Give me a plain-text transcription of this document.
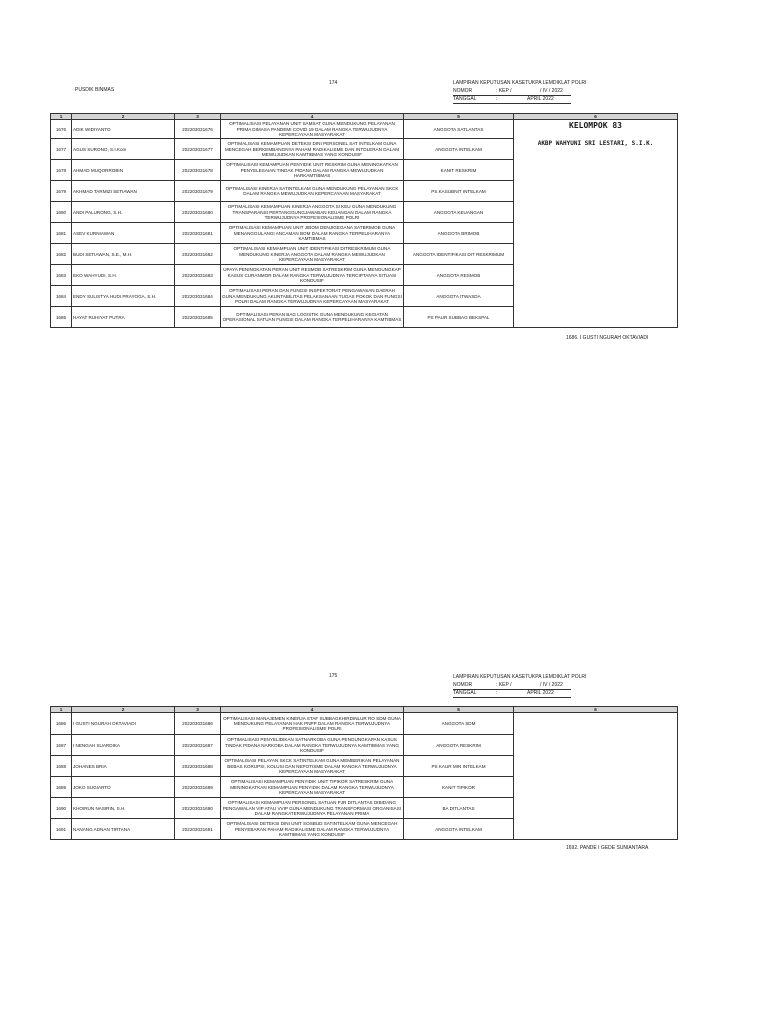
174
PUSDIK BINMAS
LAMPIRAN KEPUTUSAN KASETUKPA LEMDIKLAT POLRI
NOMOR	: KEP /	/ IV / 2022
TANGGAL	:	APRIL 2022
1	2	3	4	5	6
1676	ADIK WIDIYANTO	202203031676	OPTIMALISASI PELAYANAN UNIT SAMSAT GUNA MENDUKUNG PELAYANAN PRIMA DIMASA PANDEMI COVID 19 DALAM RANGKA TERWUJUDNYA KEPERCAYAAN MASYARAKAT	ANGGOTA SATLANTAS	KELOMPOK 83
AKBP WAHYUNI SRI LESTARI, S.I.K.

1677	AGUS SURONO, S.I.Kom	202203031677	OPTIMALISASI KEMAMPUAN DETEKSI DINI PERSONEL SAT INTELKAM GUNA MENCEGAH BERKEMBANGNYA PAHAM RADIKALISME DAN INTOLERAN DALAM MEWUJUDKAN KAMTIBMAS YANG KONDUSIF	ANGGOTA INTELKAM	
1678	AHMAD MUQORROBIN	202203031678	OPTIMALISASI KEMAMPUAN PENYIDIK UNIT RESKRIM GUNA MENINGKATKAN PENYELESAIAN TINDAK PIDANA DALAM RANGKA MEWUJUDKAN HARKAMTIBMAS	KANIT RESKRIM	
1679	AKHMAD TARMIZI SETIAWAN	202203031679	OPTIMALISASI KINERJA SATINTELKAM GUNA MENDUKUNG PELAYANAN SKCK DALAM RANGKA MEWUJUDKAN KEPERCAYAAN MASYARAKAT	PS.KASUBNIT INTELKAM	
1680	ANDI PALURONG, S.H.	202203031680	OPTIMALISASI KEMAMPUAN KINERJA ANGGOTA SI KEU GUNA MENDUKUNG TRANSPARANSI PERTANGGUNGJAWABAN KEUANGAN DALAM RANGKA TERWUJUDNYA PROFESIONALISME POLRI	ANGGOTA KEUANGAN	
1681	ASEV KURNIAWAN	202203031681	OPTIMALISASI KEMAMPUAN UNIT JIBOM DENJIGEGANA SATBRIMOB GUNA MENANGGULANGI ANCAMAN BOM DALAM RANGKA TERPELIHARANYA KAMTIBMAS	ANGGOTA BRIMOB	
1682	BUDI SETIAWAN, S.E., M.H.	202203031682	OPTIMALISASI KEMAMPUAN UNIT IDENTIFIKASI DITRESKRIMUM GUNA MENDUKUNG KINERJA ANGGOTA DALAM RANGKA MEWUJUDKAN KEPERCAYAAN MASYARAKAT	ANGGOTA IDENTIFIKASI DIT RESKRIMUM	
1683	EKO WAHYUDI, S.H.	202203031683	UPAYA PENINGKATAN PERAN UNIT RESMOB SATRESKRIM GUNA MENGUNGKAP KASUS CURANMOR DALAM RANGKA TERWUJUDNYA TERCIPTANYA SITUASI KONDUSIF	ANGGOTA RESMOB	
1684	ENDY SULISTYA HUDI PRAYOGA, S.H.	202203031684	OPTIMALISASI PERAN DAN FUNGSI INSPEKTORAT PENGAWASAN DAERAH GUNA MENDUKUNG AKUNTABILITAS PELAKSANAAN TUGAS POKOK DAN FUNGSI POLRI DALAM RANGKA TERWUJUDNYA KEPERCAYAAN MASYARAKAT	ANGGOTA ITWASDA	
1685	HAYAT RUHIYAT PUTRA	202203031685	OPTIMALISASI PERAN BAG LOGISTIK GUNA MENDUKUNG KEGIATAN OPERASIONAL SATUAN FUNGSI DALAM RANGKA TERPELIHARANYA KAMTIBMAS	PS PAUR SUBBAG BEKSPAL	
1686. I GUSTI NGURAH OKTAVIADI
175	LAMPIRAN KEPUTUSAN KASETUKPA LEMDIKLAT POLRI
NOMOR	: KEP /	/ IV / 2022
TANGGAL	:	APRIL 2022
1	2	3	4	5	6
1686	I GUSTI NGURAH OKTAVIADI	202203031686	OPTIMALISASI MANAJEMEN KINERJA STAF SUBBAGKHIRDINLUR RO SDM GUNA MENDUKUNG PELAYANAN HAK PNPP DALAM RANGKA TERWUJUDNYA PROFESIONALISME POLRI	ANGGOTA SDM	
1687	I NENGAH SUARDIKA	202203031687	OPTIMALISASI PENYELIDIKAN SATNARKOBA GUNA PENGUNGKAPAN KASUS TINDAK PIDANA NARKOBA DALAM RANGKA TERWUJUDNYA KAMTIBMAS YANG KONDUSIF	ANGGOTA RESKRIM	
1688	JOHANES BRIA	202203031688	OPTIMALISASI PELAYAN SKCK SATINTELKAM GUNA MEMBERIKAN PELAYANAN BEBAS KORUPSI, KOLUSI DAN NEPOTISME DALAM RANGKA TERWUJUDNYA KEPERCAYAAN MASYARAKAT	PS KAUR MIN INTELKAM	
1689	JOKO SUGIARTO	202203031689	OPTIMALISASI KEMAMPUAN PENYIDIK UNIT TIPIKOR SATRESKRIM GUNA MENINGKATKAN KEMAMPUAN PENYIDIK DALAM RANGKA TERWUJUDNYA KEPERCAYAAN MASYARAKAT	KANIT TIPIKOR	
1690	KHOIRUN NASIRIN, S.H.	202203031690	OPTIMALISASI KEMAMPUAN PERSONEL SATUAN PJR DITLANTAS DIBIDANG PENGAWALAN VIP ATAU VVIP GUNA MENDUKUNG TRANSFORMASI ORGANISASI DALAM RANGKATERWUJUDNYA PELAYANAN PRIMA	BA DITLANTAS	
1691	NANANG ADNAN TIRTANA	202203031691	OPTIMALISASI DETEKSI DINI UNIT SOSBUD SATINTELKAM GUNA MENCEGAH PENYEBARAN PAHAM RADIKALISME DALAM RANGKA TERWUJUDNYA KAMTIBMAS YANG KONDUSIF	ANGGOTA INTELKAM	
1692. PANDE I GEDE SUNIANTARA
